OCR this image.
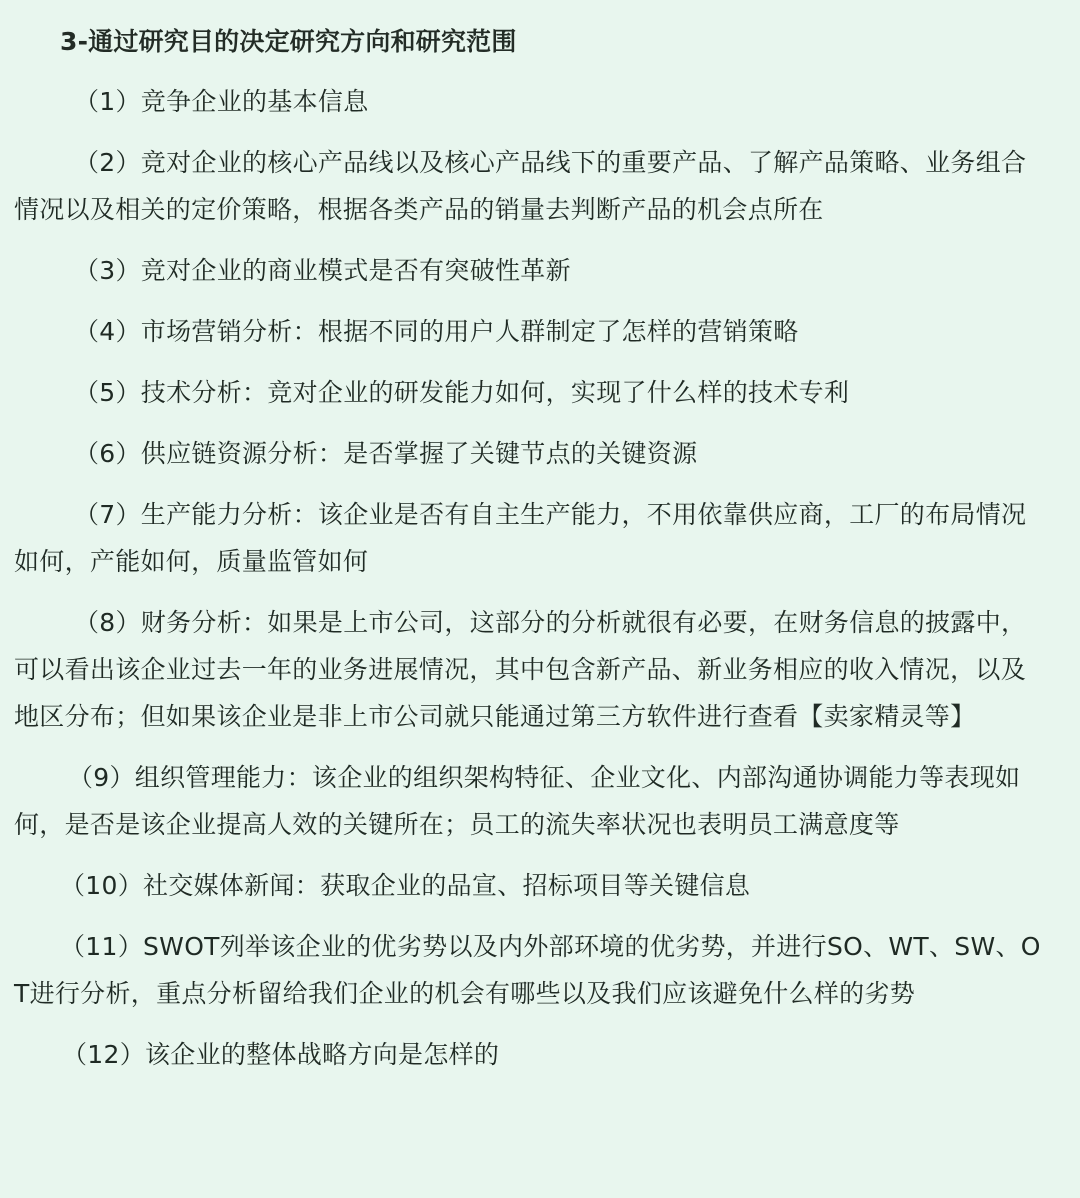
3-通过研究目的决定研究方向和研究范围

（1）竞争企业的基本信息

（2）竞对企业的核心产品线以及核心产品线下的重要产品、了解产品策略、业务组合情况以及相关的定价策略，根据各类产品的销量去判断产品的机会点所在

（3）竞对企业的商业模式是否有突破性革新

（4）市场营销分析：根据不同的用户人群制定了怎样的营销策略

（5）技术分析：竞对企业的研发能力如何，实现了什么样的技术专利

（6）供应链资源分析：是否掌握了关键节点的关键资源

（7）生产能力分析：该企业是否有自主生产能力，不用依靠供应商，工厂的布局情况如何，产能如何，质量监管如何

（8）财务分析：如果是上市公司，这部分的分析就很有必要，在财务信息的披露中，可以看出该企业过去一年的业务进展情况，其中包含新产品、新业务相应的收入情况，以及地区分布；但如果该企业是非上市公司就只能通过第三方软件进行查看【卖家精灵等】

（9）组织管理能力：该企业的组织架构特征、企业文化、内部沟通协调能力等表现如何，是否是该企业提高人效的关键所在；员工的流失率状况也表明员工满意度等

（10）社交媒体新闻：获取企业的品宣、招标项目等关键信息

（11）SWOT列举该企业的优劣势以及内外部环境的优劣势，并进行SO、WT、SW、OT进行分析，重点分析留给我们企业的机会有哪些以及我们应该避免什么样的劣势

（12）该企业的整体战略方向是怎样的
